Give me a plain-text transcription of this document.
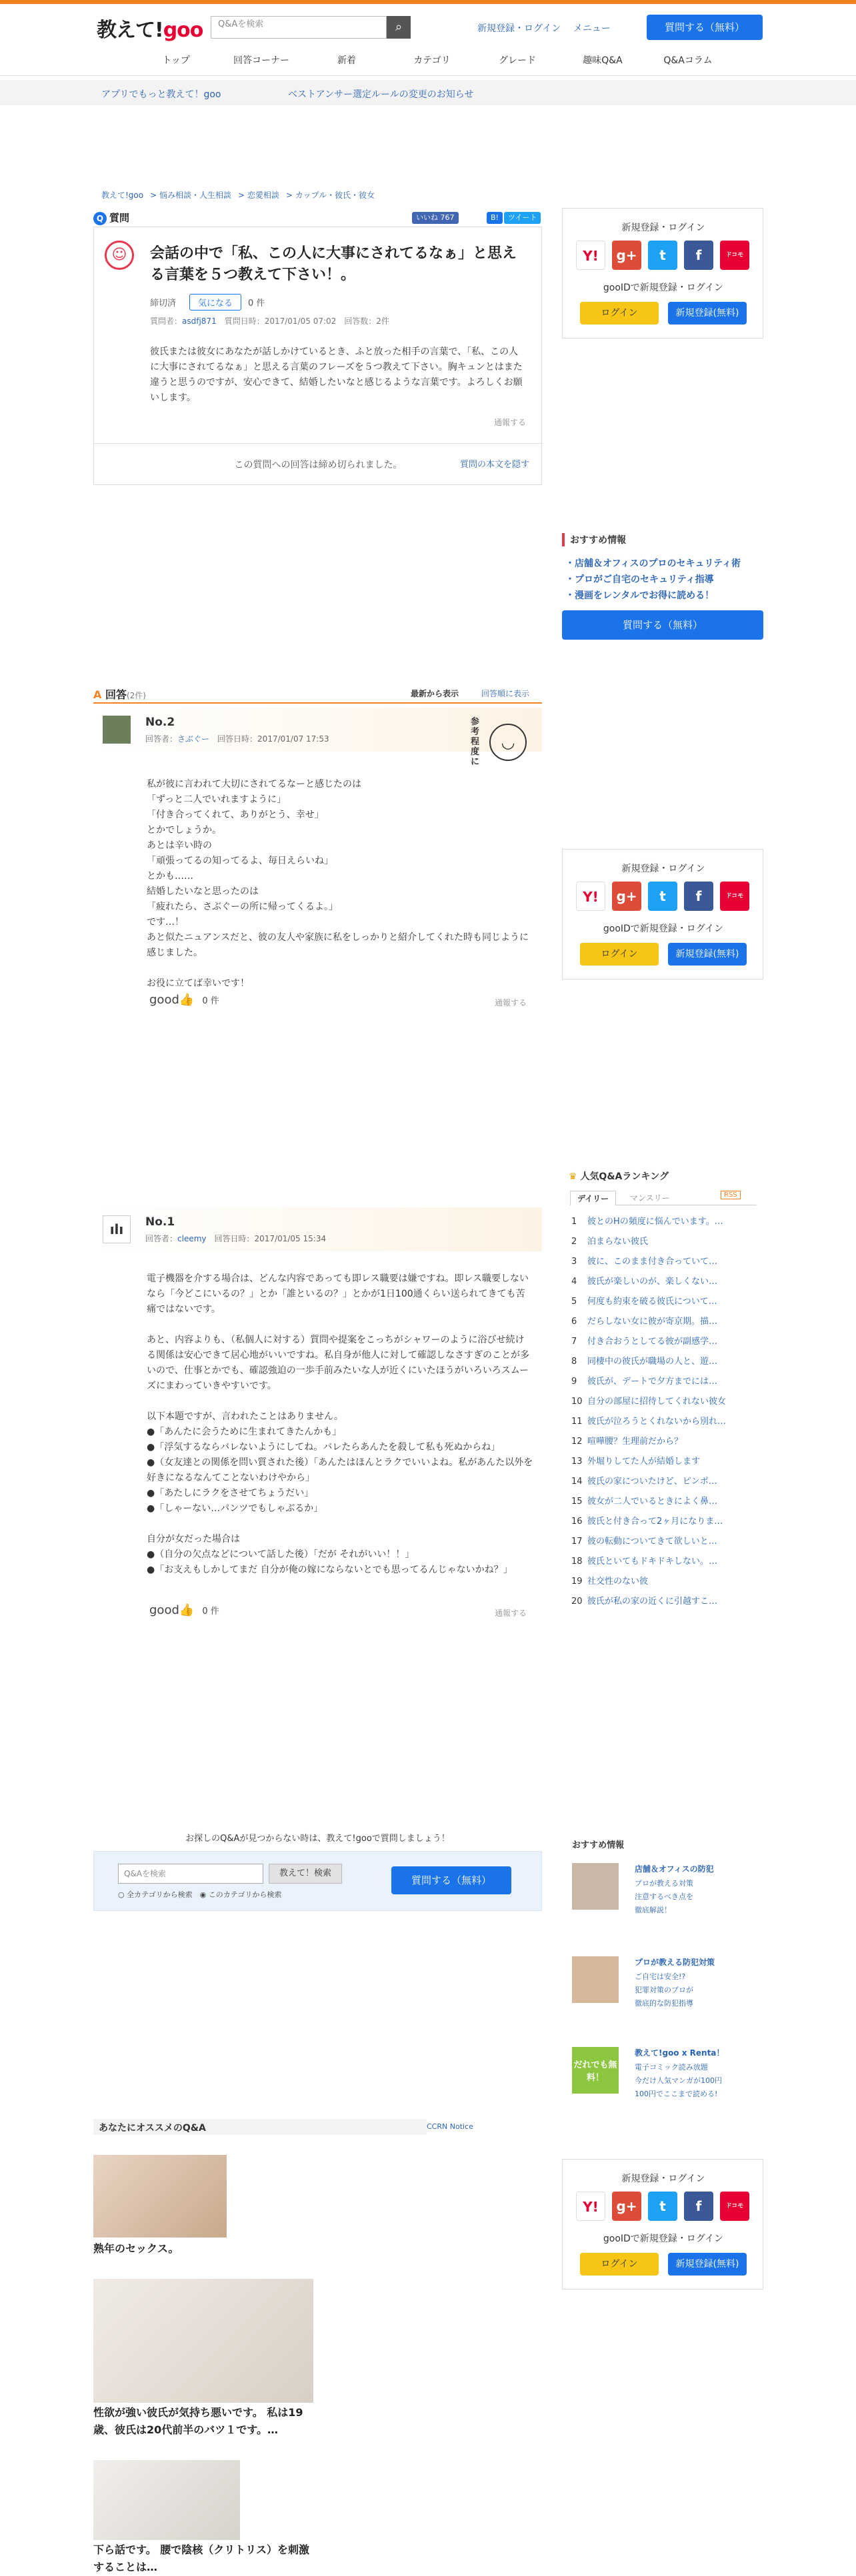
教えて!goo	Q&Aを検索	⌕	新規登録・ログイン メニュー	質問する（無料）
トップ	回答コーナー	新着	カテゴリ	グレード	趣味Q&A	Q&Aコラム
アプリでもっと教えて！goo	ベストアンサー選定ルールの変更のお知らせ
教えて!goo > 悩み相談・人生相談 > 恋愛相談 > カップル・彼氏・彼女
Q 質問	いいね 767	B!	ツイート
☺	会話の中で「私、この人に大事にされてるなぁ」と思える言葉を５つ教えて下さい！。
締切済	気になる 0 件
質問者：asdfj871　 質問日時：2017/01/05 07:02　 回答数：2件
彼氏または彼女にあなたが話しかけているとき、ふと放った相手の言葉で、「私、この人に大事にされてるなぁ」と思える言葉のフレーズを５つ教えて下さい。胸キュンとはまた違うと思うのですが、安心できて、結婚したいなと感じるような言葉です。よろしくお願いします。
通報する
この質問への回答は締め切られました。	質問の本文を隠す
新規登録・ログイン
Y!	g+	t	f	ドコモ
gooIDで新規登録・ログイン
ログイン	新規登録(無料)
おすすめ情報
・店舗＆オフィスのプロのセキュリティ術
・プロがご自宅のセキュリティ指導
・漫画をレンタルでお得に読める！
質問する（無料）
A 回答(2件)	最新から表示	回答順に表示
No.2
回答者：さぶぐー　 回答日時：2017/01/07 17:53
参考程度に
◡
私が彼に言われて大切にされてるなーと感じたのは
「ずっと二人でいれますように」
「付き合ってくれて、ありがとう、幸せ」
とかでしょうか。
あとは辛い時の
「頑張ってるの知ってるよ、毎日えらいね」
とかも……
結婚したいなと思ったのは
「疲れたら、さぶぐーの所に帰ってくるよ。」
です…！
あと似たニュアンスだと、彼の友人や家族に私をしっかりと紹介してくれた時も同じように感じました。

お役に立てば幸いです！
good👍 0 件	通報する
新規登録・ログイン
Y!	g+	t	f	ドコモ
gooIDで新規登録・ログイン
ログイン	新規登録(無料)
ılı	No.1
回答者：cleemy　 回答日時：2017/01/05 15:34
電子機器を介する場合は、どんな内容であっても即レス職要は嫌ですね。即レス職要しないなら「今どこにいるの？」とか「誰といるの？」とかが1日100通くらい送られてきても苦痛ではないです。

あと、内容よりも、（私個人に対する）質問や提案をこっちがシャワーのように浴びせ続ける関係は安心できて居心地がいいですね。私自身が他人に対して確認しなさすぎのことが多いので、仕事とかでも、確認強迫の一歩手前みたいな人が近くにいたほうがいろいろスムーズにまわっていきやすいです。

以下本題ですが、言われたことはありません。
●「あんたに会うために生まれてきたんかも」
●「浮気するならバレないようにしてね。バレたらあんたを殺して私も死ぬからね」
●（女友達との関係を問い質された後）「あんたはほんとラクでいいよね。私があんた以外を好きになるなんてことないわけやから」
●「あたしにラクをさせてちょうだい」
●「しゃーない…パンツでもしゃぶるか」

自分が女だった場合は
●（自分の欠点などについて話した後）「だが それがいい！！」
●「お支えもしかしてまだ 自分が俺の嫁にならないとでも思ってるんじゃないかね？」
good👍 0 件	通報する
♛ 人気Q&Aランキング
デイリー	マンスリー	RSS
1 彼とのHの頻度に悩んでいます。…
2 泊まらない彼氏
3 彼に、このまま付き合っていて…
4 彼氏が楽しいのが、楽しくない…
5 何度も約束を破る彼氏について…
6 だらしない女に彼が寄京期。描…
7 付き合おうとしてる彼が副感学…
8 同棲中の彼氏が職場の人と、遊…
9 彼氏が、デートで夕方までには…
10 自分の部屋に招待してくれない彼女
11 彼氏が泣ろうとくれないから別れ…
12 喧嘩腰？生理前だから？
13 外堀りしてた人が結婚します
14 彼氏の家についたけど、ピンポ…
15 彼女が二人でいるときによく鼻…
16 彼氏と付き合って2ヶ月になりま…
17 彼の転動についてきて欲しいと…
18 彼氏といてもドキドキしない。…
19 社交性のない彼
20 彼氏が私の家の近くに引越すこ…
お探しのQ&Aが見つからない時は、教えて!gooで質問しましょう！
Q&Aを検索	教えて！検索
○ 全カテゴリから検索　 ◉ このカテゴリから検索
質問する（無料）
おすすめ情報
店舗＆オフィスの防犯
プロが教える対策
注意するべき点を
徹底解説！
プロが教える防犯対策
ご自宅は安全!?
犯罪対策のプロが
徹底的な防犯指導
だれでも無料！
教えて!goo x Renta！
電子コミック読み放題
今だけ人気マンガが100円
100円でここまで読める!
新規登録・ログイン
Y!	g+	t	f	ドコモ
gooIDで新規登録・ログイン
ログイン	新規登録(無料)
あなたにオススメのQ&A	CCRN Notice
熟年のセックス。
性欲が強い彼氏が気持ち悪いです。 私は19歳、彼氏は20代前半のバツ１です。…
下ら話です。 腰で陰核（クリトリス）を刺激することは…
